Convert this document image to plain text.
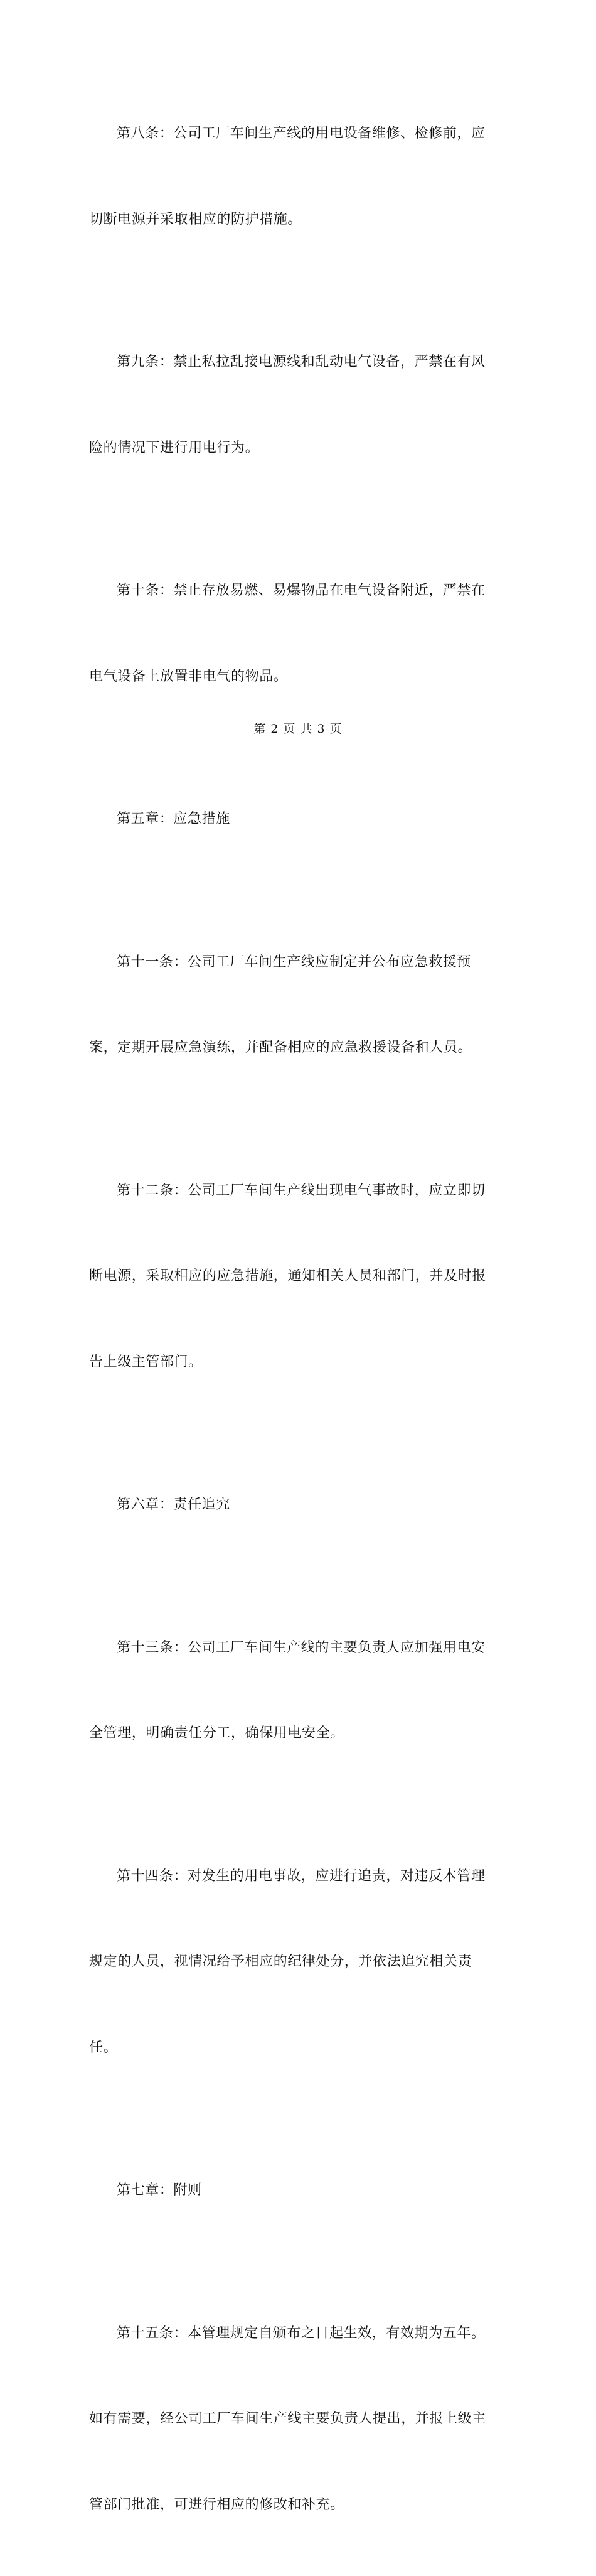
第八条：公司工厂车间生产线的用电设备维修、检修前，应

切断电源并采取相应的防护措施。

第九条：禁止私拉乱接电源线和乱动电气设备，严禁在有风

险的情况下进行用电行为。

第十条：禁止存放易燃、易爆物品在电气设备附近，严禁在

电气设备上放置非电气的物品。

第五章：应急措施

第十一条：公司工厂车间生产线应制定并公布应急救援预

案，定期开展应急演练，并配备相应的应急救援设备和人员。

第十二条：公司工厂车间生产线出现电气事故时，应立即切

断电源，采取相应的应急措施，通知相关人员和部门，并及时报

告上级主管部门。

第六章：责任追究

第十三条：公司工厂车间生产线的主要负责人应加强用电安

全管理，明确责任分工，确保用电安全。

第十四条：对发生的用电事故，应进行追责，对违反本管理

规定的人员，视情况给予相应的纪律处分，并依法追究相关责

任。

第七章：附则

第十五条：本管理规定自颁布之日起生效，有效期为五年。

如有需要，经公司工厂车间生产线主要负责人提出，并报上级主

管部门批准，可进行相应的修改和补充。

第 2 页 共 3 页
